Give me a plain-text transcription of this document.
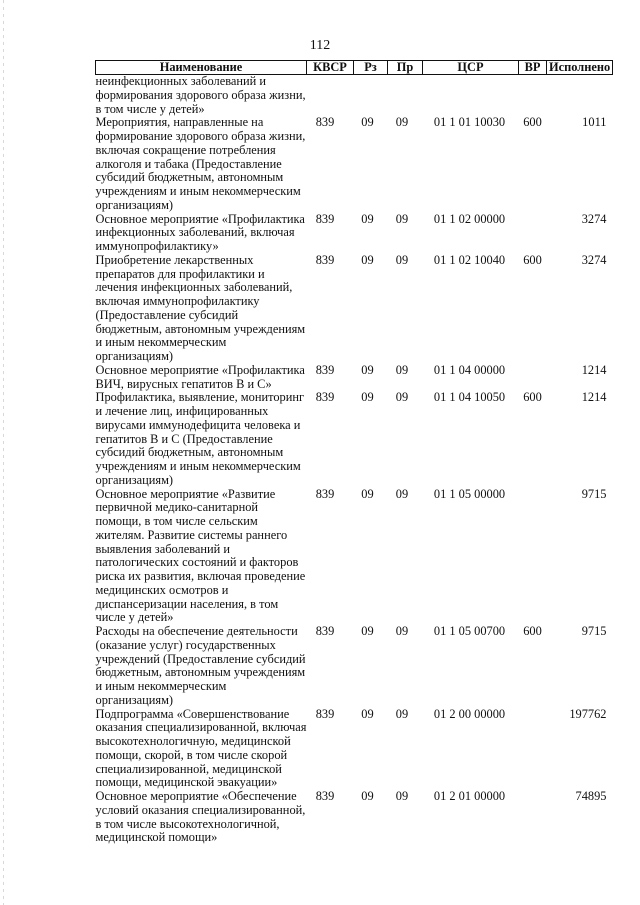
112
Наименование	КВСР	Рз	Пр	ЦСР	ВР	Исполнено
неинфекционных заболеваний и формирования здорового образа жизни, в том числе у детей»						
Мероприятия, направленные на формирование здорового образа жизни, включая сокращение потребления алкоголя и табака (Предоставление субсидий бюджетным, автономным учреждениям и иным некоммерческим организациям)	839	09	09	01 1 01 10030	600	1011
Основное мероприятие «Профилактика инфекционных заболеваний, включая иммунопрофилактику»	839	09	09	01 1 02 00000		3274
Приобретение лекарственных препаратов для профилактики и лечения инфекционных заболеваний, включая иммунопрофилактику (Предоставление субсидий бюджетным, автономным учреждениям и иным некоммерческим организациям)	839	09	09	01 1 02 10040	600	3274
Основное мероприятие «Профилактика ВИЧ, вирусных гепатитов В и С»	839	09	09	01 1 04 00000		1214
Профилактика, выявление, мониторинг и лечение лиц, инфицированных вирусами иммунодефицита человека и гепатитов В и С (Предоставление субсидий бюджетным, автономным учреждениям и иным некоммерческим организациям)	839	09	09	01 1 04 10050	600	1214
Основное мероприятие «Развитие первичной медико-санитарной помощи, в том числе сельским жителям. Развитие системы раннего выявления заболеваний и патологических состояний и факторов риска их развития, включая проведение медицинских осмотров и диспансеризации населения, в том числе у детей»	839	09	09	01 1 05 00000		9715
Расходы на обеспечение деятельности (оказание услуг) государственных учреждений (Предоставление субсидий бюджетным, автономным учреждениям и иным некоммерческим организациям)	839	09	09	01 1 05 00700	600	9715
Подпрограмма «Совершенствование оказания специализированной, включая высокотехнологичную, медицинской помощи, скорой, в том числе скорой специализированной, медицинской помощи, медицинской эвакуации»	839	09	09	01 2 00 00000		197762
Основное мероприятие «Обеспечение условий оказания специализированной, в том числе высокотехнологичной, медицинской помощи»	839	09	09	01 2 01 00000		74895
